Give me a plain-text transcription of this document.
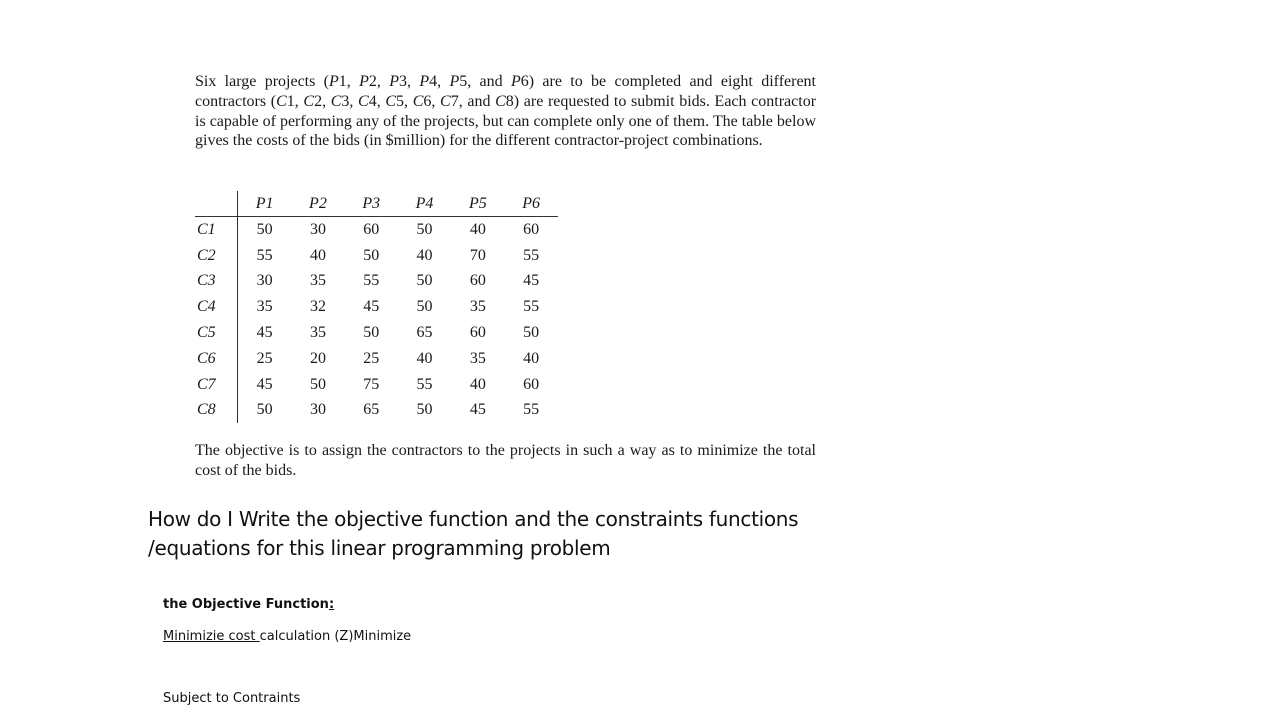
Six large projects (P1, P2, P3, P4, P5, and P6) are to be completed and eight different contractors (C1, C2, C3, C4, C5, C6, C7, and C8) are requested to submit bids. Each contractor is capable of performing any of the projects, but can complete only one of them. The table below gives the costs of the bids (in $million) for the different contractor-project combinations.
	P1	P2	P3	P4	P5	P6
C1	50	30	60	50	40	60
C2	55	40	50	40	70	55
C3	30	35	55	50	60	45
C4	35	32	45	50	35	55
C5	45	35	50	65	60	50
C6	25	20	25	40	35	40
C7	45	50	75	55	40	60
C8	50	30	65	50	45	55
The objective is to assign the contractors to the projects in such a way as to minimize the total cost of the bids.
How do I Write the objective function and the constraints functions
/equations for this linear programming problem
the Objective Function:
Minimizie cost calculation (Z)Minimize
Subject to Contraints
